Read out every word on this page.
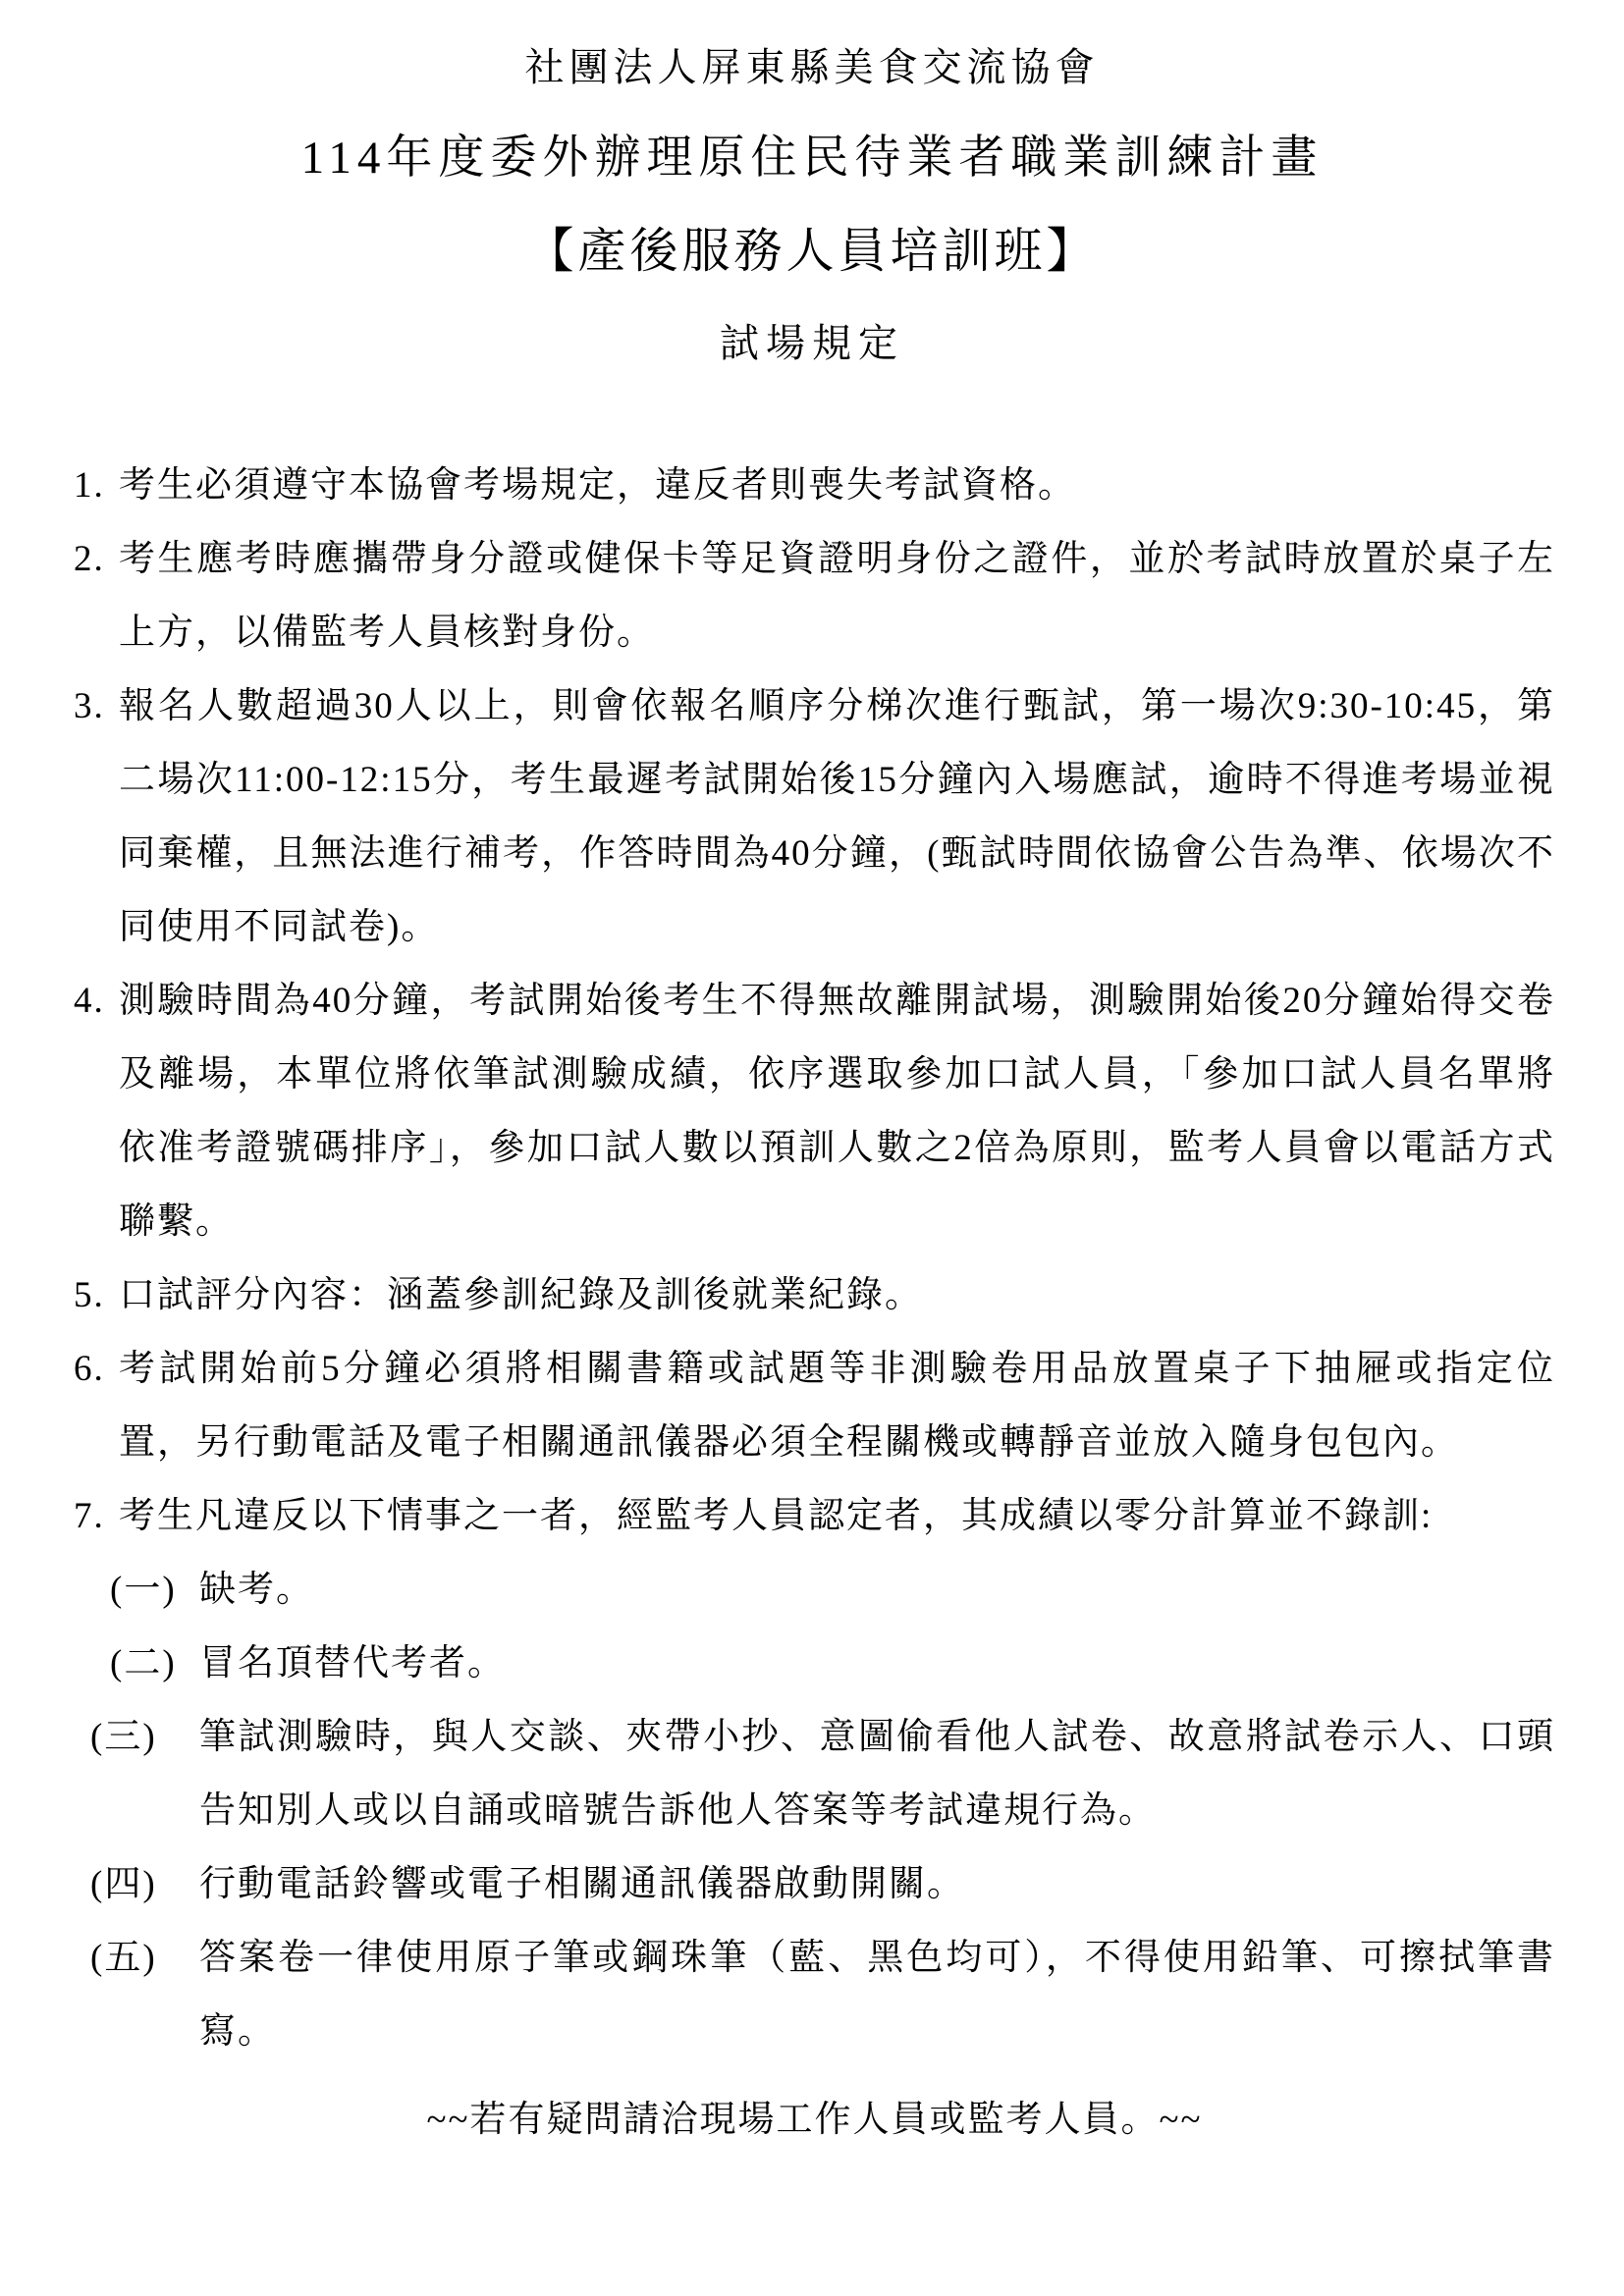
社團法人屏東縣美食交流協會
114年度委外辦理原住民待業者職業訓練計畫
【產後服務人員培訓班】
試場規定
1. 考生必須遵守本協會考場規定，違反者則喪失考試資格。
2. 考生應考時應攜帶身分證或健保卡等足資證明身份之證件，並於考試時放置於桌子左上方，以備監考人員核對身份。
3. 報名人數超過30人以上，則會依報名順序分梯次進行甄試，第一場次9:30-10:45，第二場次11:00-12:15分，考生最遲考試開始後15分鐘內入場應試，逾時不得進考場並視同棄權，且無法進行補考，作答時間為40分鐘，(甄試時間依協會公告為準、依場次不同使用不同試卷)。
4. 測驗時間為40分鐘，考試開始後考生不得無故離開試場，測驗開始後20分鐘始得交卷及離場，本單位將依筆試測驗成績，依序選取參加口試人員，「參加口試人員名單將依准考證號碼排序」，參加口試人數以預訓人數之2倍為原則，監考人員會以電話方式聯繫。
5. 口試評分內容：涵蓋參訓紀錄及訓後就業紀錄。
6. 考試開始前5分鐘必須將相關書籍或試題等非測驗卷用品放置桌子下抽屜或指定位置，另行動電話及電子相關通訊儀器必須全程關機或轉靜音並放入隨身包包內。
7. 考生凡違反以下情事之一者，經監考人員認定者，其成績以零分計算並不錄訓:
(一) 缺考。
(二) 冒名頂替代考者。
(三)	筆試測驗時，與人交談、夾帶小抄、意圖偷看他人試卷、故意將試卷示人、口頭告知別人或以自誦或暗號告訴他人答案等考試違規行為。
(四)	行動電話鈴響或電子相關通訊儀器啟動開關。
(五)	答案卷一律使用原子筆或鋼珠筆（藍、黑色均可），不得使用鉛筆、可擦拭筆書寫。
~~若有疑問請洽現場工作人員或監考人員。~~
